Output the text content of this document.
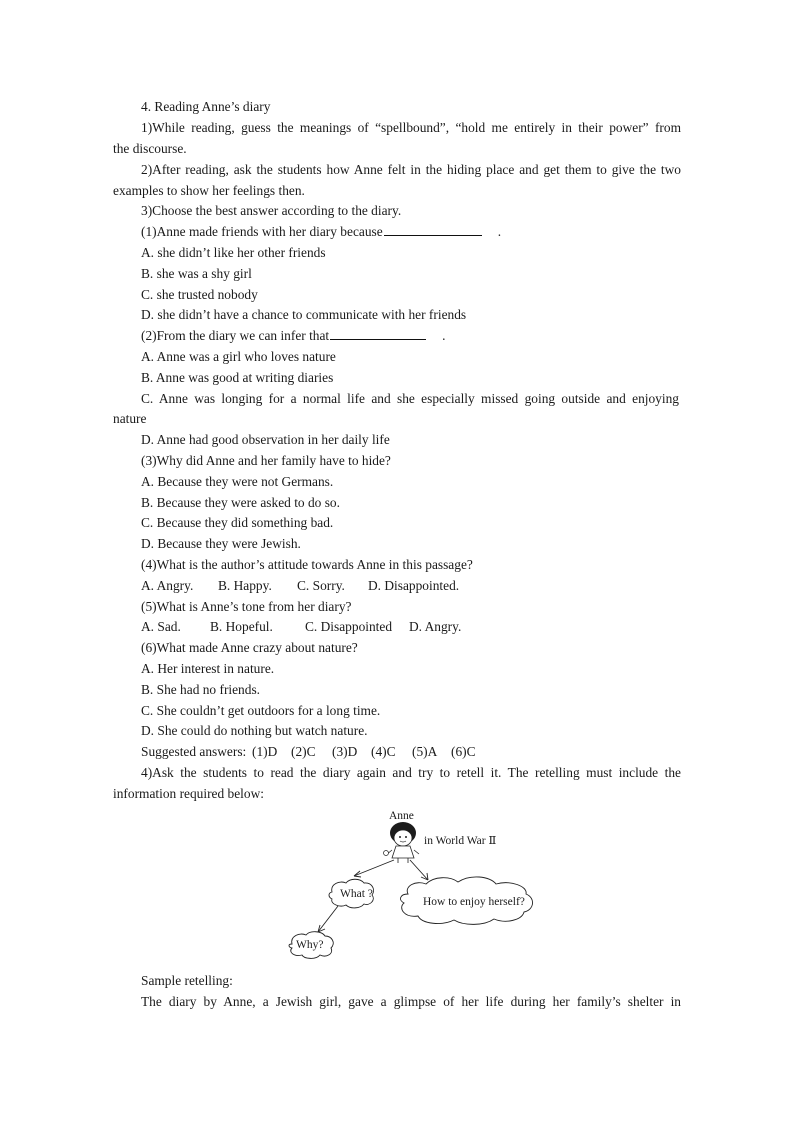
4. Reading Anne’s diary
1)While reading, guess the meanings of “spellbound”, “hold me entirely in their power” from
the discourse.
2)After reading, ask the students how Anne felt in the hiding place and get them to give the two
examples to show her feelings then.
3)Choose the best answer according to the diary.
(1)Anne made friends with her diary because	.
A. she didn’t like her other friends
B. she was a shy girl
C. she trusted nobody
D. she didn’t have a chance to communicate with her friends
(2)From the diary we can infer that	.
A. Anne was a girl who loves nature
B. Anne was good at writing diaries
C. Anne was longing for a normal life and she especially missed going outside and enjoying
nature
D. Anne had good observation in her daily life
(3)Why did Anne and her family have to hide?
A. Because they were not Germans.
B. Because they were asked to do so.
C. Because they did something bad.
D. Because they were Jewish.
(4)What is the author’s attitude towards Anne in this passage?
A. Angry. B. Happy. C. Sorry. D. Disappointed.
(5)What is Anne’s tone from her diary?
A. Sad. B. Hopeful. C. Disappointed D. Angry.
(6)What made Anne crazy about nature?
A. Her interest in nature.
B. She had no friends.
C. She couldn’t get outdoors for a long time.
D. She could do nothing but watch nature.
Suggested answers: (1)D (2)C (3)D (4)C (5)A (6)C
4)Ask the students to read the diary again and try to retell it. The retelling must include the
information required below:
Anne
in World War Ⅱ
What ?
How to enjoy herself?
Why?
Sample retelling:
The diary by Anne, a Jewish girl, gave a glimpse of her life during her family’s shelter in
